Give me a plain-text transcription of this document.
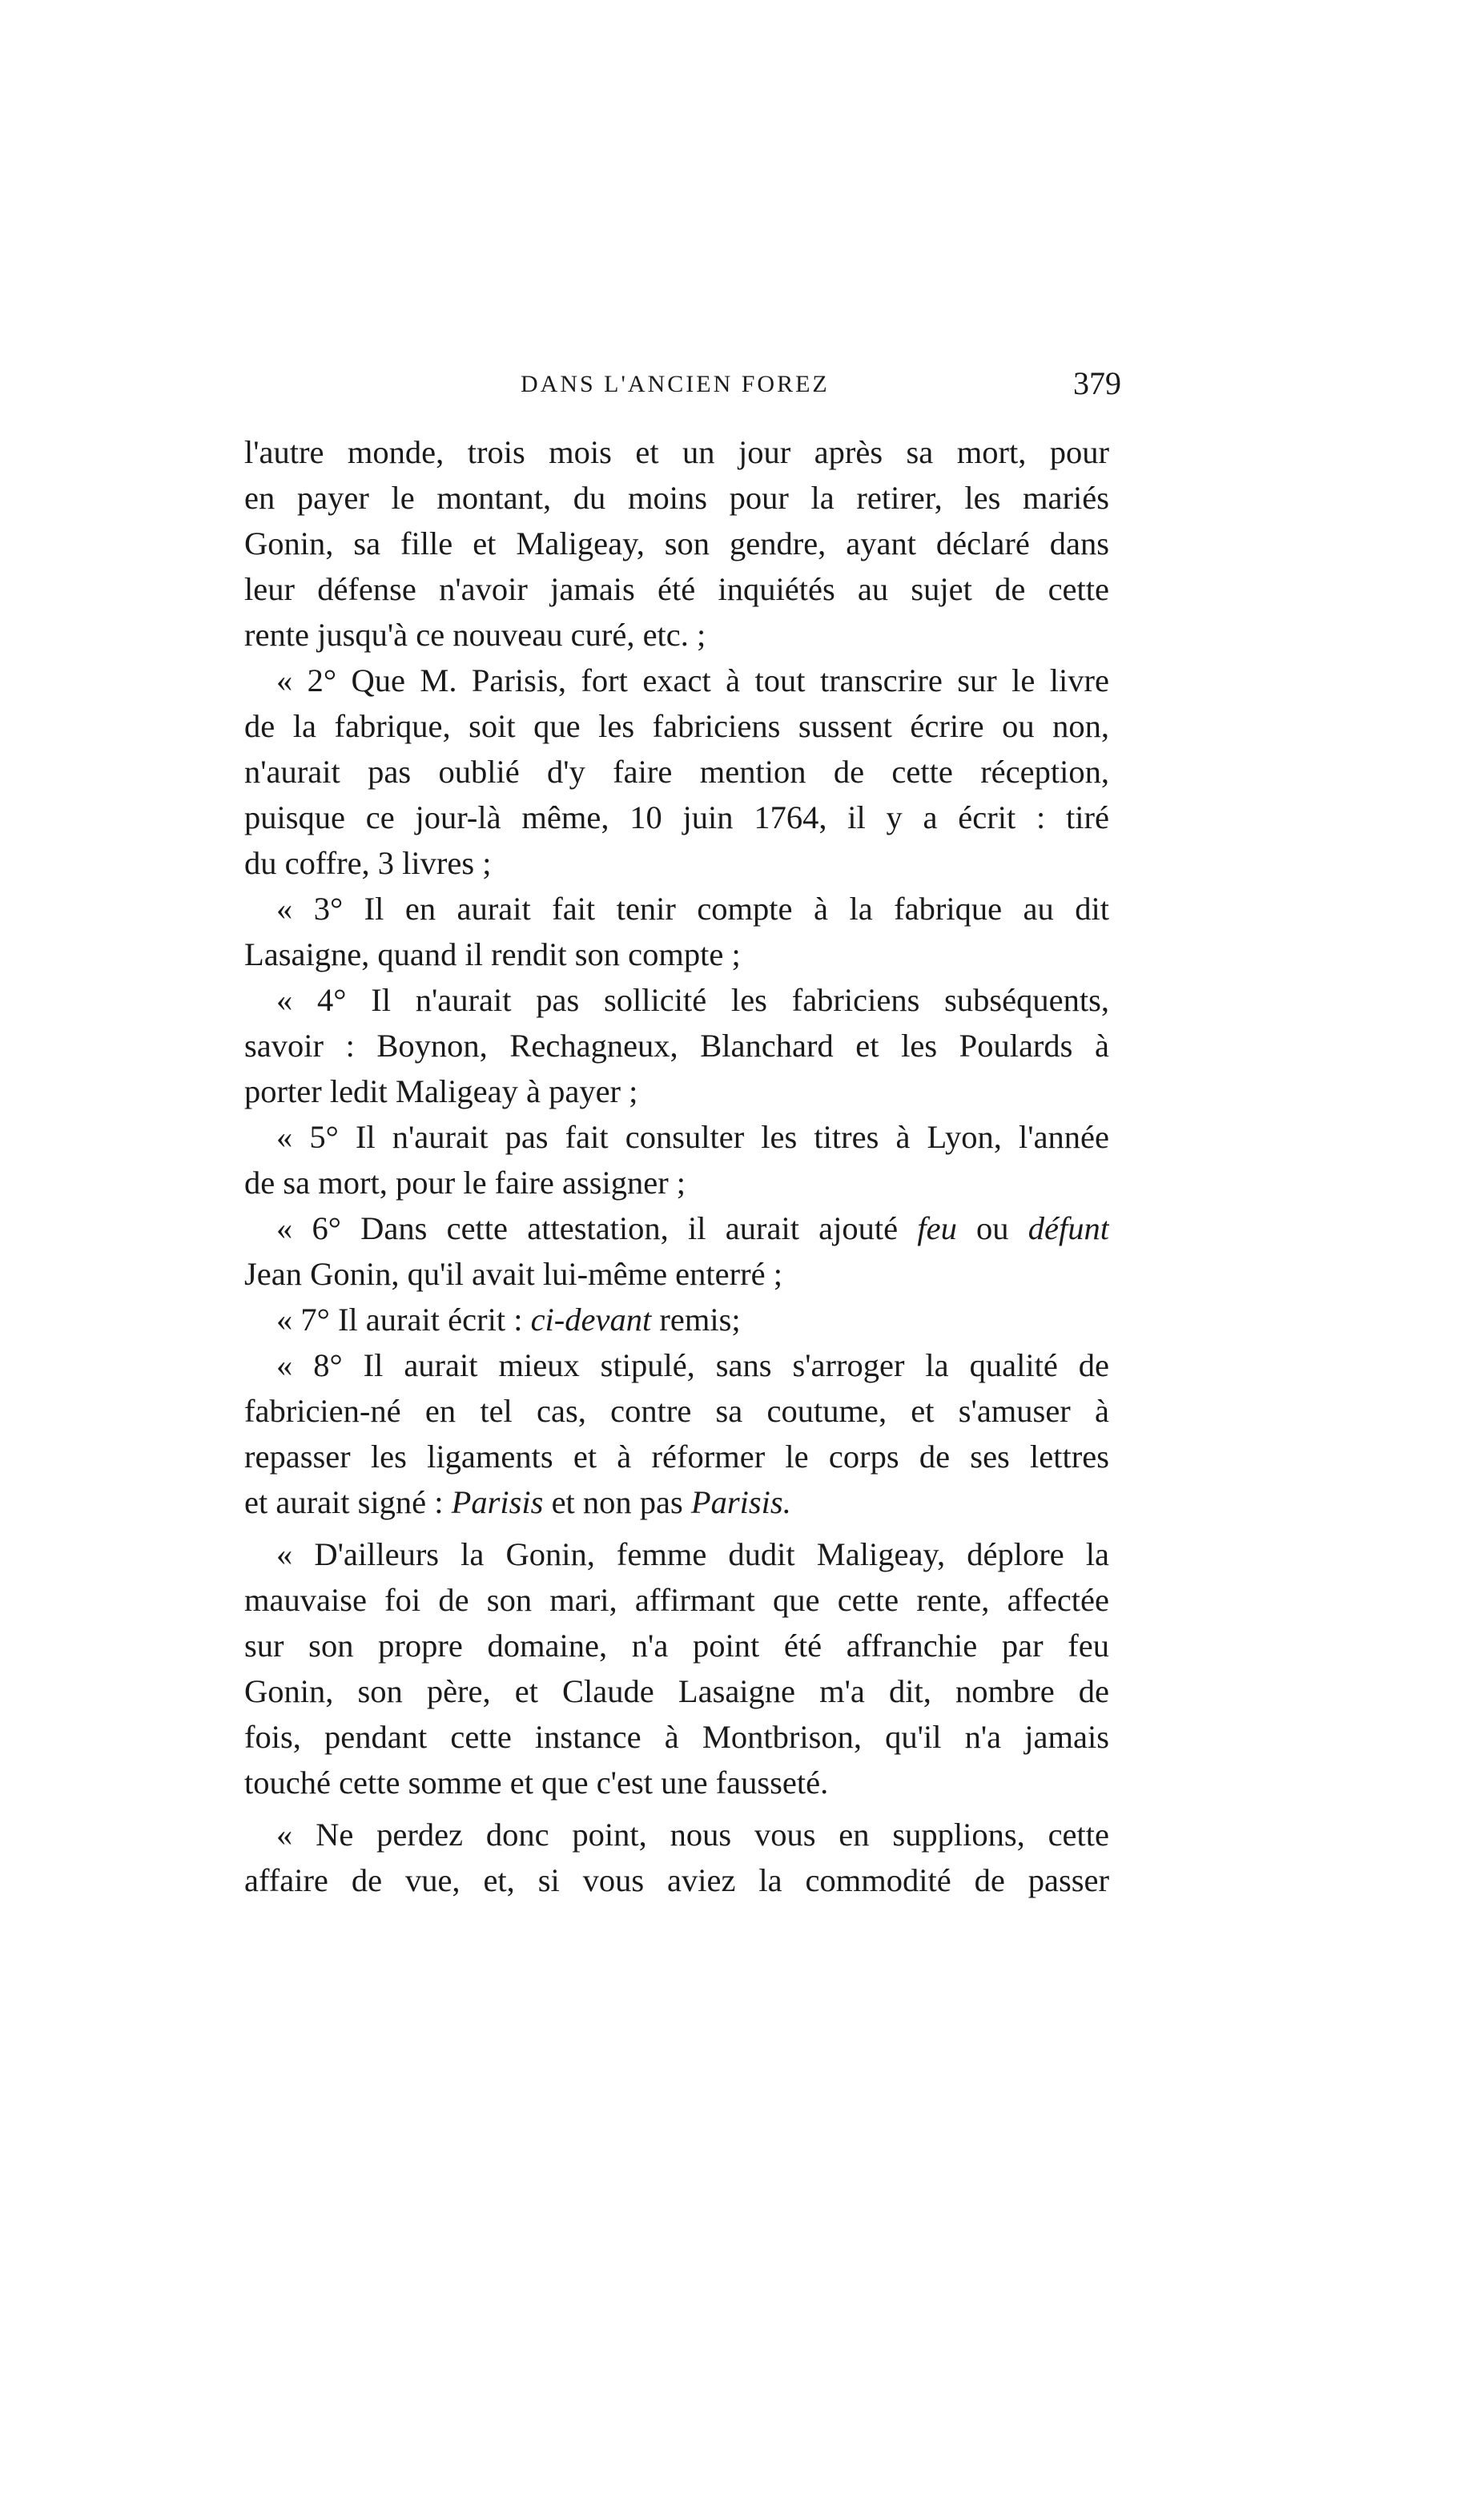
DANS L'ANCIEN FOREZ	379
l'autre monde, trois mois et un jour après sa mort, pour
en payer le montant, du moins pour la retirer, les mariés
Gonin, sa fille et Maligeay, son gendre, ayant déclaré dans
leur défense n'avoir jamais été inquiétés au sujet de cette
rente jusqu'à ce nouveau curé, etc. ;
« 2° Que M. Parisis, fort exact à tout transcrire sur le livre
de la fabrique, soit que les fabriciens sussent écrire ou non,
n'aurait pas oublié d'y faire mention de cette réception,
puisque ce jour-là même, 10 juin 1764, il y a écrit : tiré
du coffre, 3 livres ;
« 3° Il en aurait fait tenir compte à la fabrique au dit
Lasaigne, quand il rendit son compte ;
« 4° Il n'aurait pas sollicité les fabriciens subséquents,
savoir : Boynon, Rechagneux, Blanchard et les Poulards à
porter ledit Maligeay à payer ;
« 5° Il n'aurait pas fait consulter les titres à Lyon, l'année
de sa mort, pour le faire assigner ;
« 6° Dans cette attestation, il aurait ajouté feu ou défunt
Jean Gonin, qu'il avait lui-même enterré ;
« 7° Il aurait écrit : ci-devant remis;
« 8° Il aurait mieux stipulé, sans s'arroger la qualité de
fabricien-né en tel cas, contre sa coutume, et s'amuser à
repasser les ligaments et à réformer le corps de ses lettres
et aurait signé : Parisis et non pas Parisis.
« D'ailleurs la Gonin, femme dudit Maligeay, déplore la
mauvaise foi de son mari, affirmant que cette rente, affectée
sur son propre domaine, n'a point été affranchie par feu
Gonin, son père, et Claude Lasaigne m'a dit, nombre de
fois, pendant cette instance à Montbrison, qu'il n'a jamais
touché cette somme et que c'est une fausseté.
« Ne perdez donc point, nous vous en supplions, cette
affaire de vue, et, si vous aviez la commodité de passer
